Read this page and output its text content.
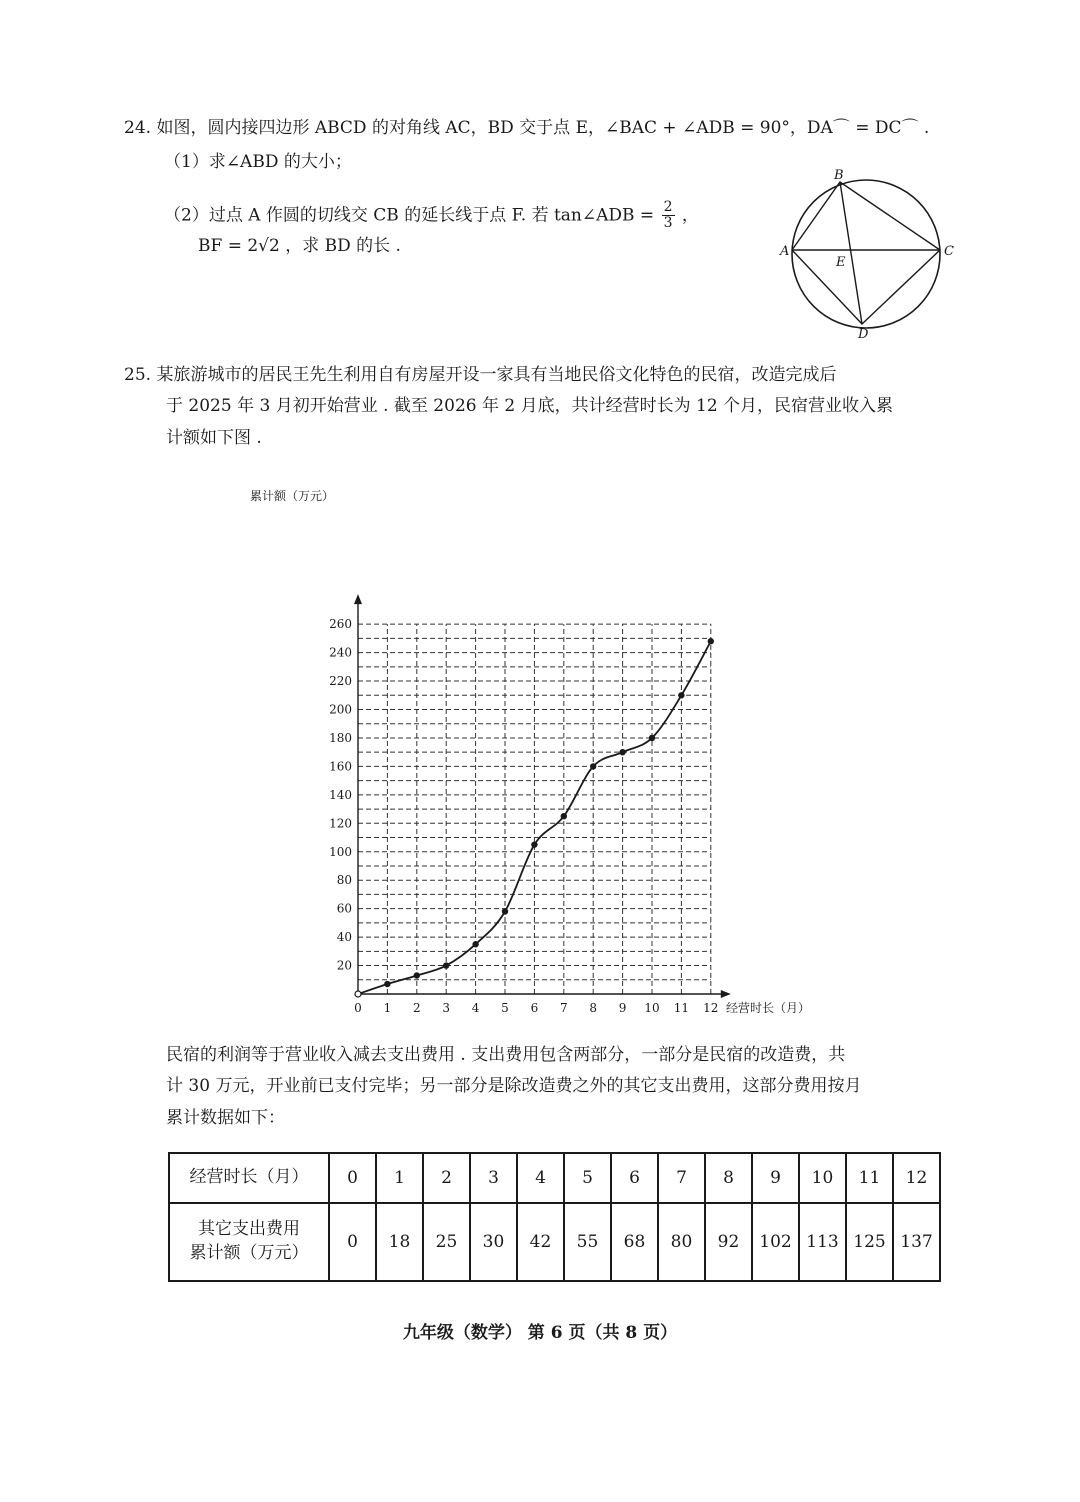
24. 如图，圆内接四边形 ABCD 的对角线 AC，BD 交于点 E，∠BAC + ∠ADB = 90°，DA⌒ = DC⌒ .
（1）求∠ABD 的大小；
（2）过点 A 作圆的切线交 CB 的延长线于点 F. 若 tan∠ADB = $\frac{2}{3}$ ，
BF = 2√2 ，求 BD 的长 .	A
B
C
D
E
25. 某旅游城市的居民王先生利用自有房屋开设一家具有当地民俗文化特色的民宿，改造完成后
于 2025 年 3 月初开始营业 . 截至 2026 年 2 月底，共计经营时长为 12 个月，民宿营业收入累
计额如下图 .
20
40
60
80
100
120
140
160
180
200
220
240
260
0 1 2 3 4 5 6 7 8 9 10 11 12
累计额（万元）
经营时长（月）
民宿的利润等于营业收入减去支出费用 . 支出费用包含两部分，一部分是民宿的改造费，共
计 30 万元，开业前已支付完毕；另一部分是除改造费之外的其它支出费用，这部分费用按月
累计数据如下：
经营时长（月）	0	1	2	3	4	5	6	7	8	9	10	11	12

其它支出费用
累计额（万元）	0	18	25	30	42	55	68	80	92	102	113	125	137
九年级（数学） 第 6 页（共 8 页）
